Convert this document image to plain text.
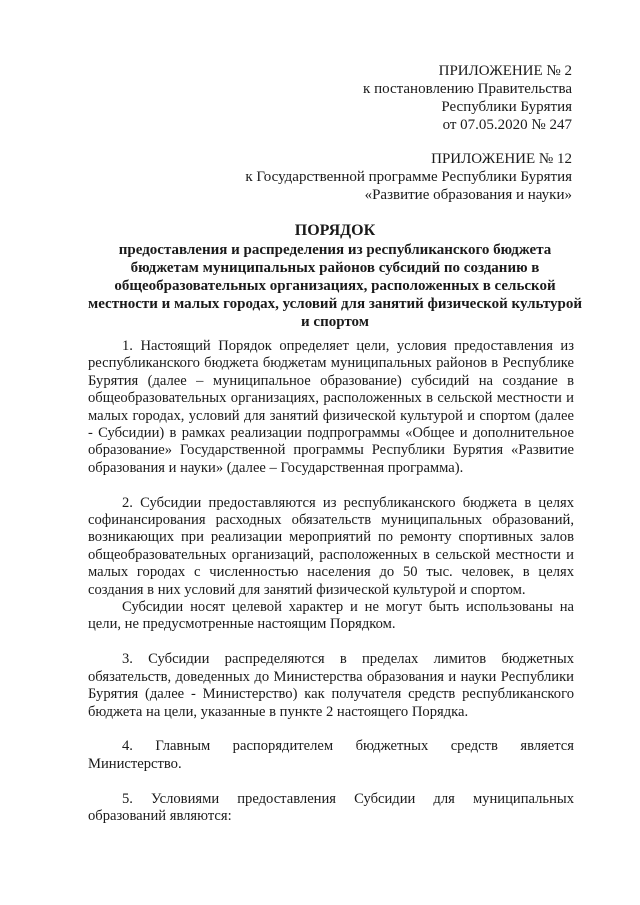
ПРИЛОЖЕНИЕ № 2
к постановлению Правительства
Республики Бурятия
от 07.05.2020 № 247
ПРИЛОЖЕНИЕ № 12
к Государственной программе Республики Бурятия
«Развитие образования и науки»
ПОРЯДОК
предоставления и распределения из республиканского бюджета бюджетам муниципальных районов субсидий по созданию в общеобразовательных организациях, расположенных в сельской местности и малых городах, условий для занятий физической культурой и спортом

1. Настоящий Порядок определяет цели, условия предоставления из республиканского бюджета бюджетам муниципальных районов в Республике Бурятия (далее – муниципальное образование) субсидий на создание в общеобразовательных организациях, расположенных в сельской местности и малых городах, условий для занятий физической культурой и спортом (далее - Субсидии) в рамках реализации подпрограммы «Общее и дополнительное образование» Государственной программы Республики Бурятия «Развитие образования и науки» (далее – Государственная программа).

2. Субсидии предоставляются из республиканского бюджета в целях софинансирования расходных обязательств муниципальных образований, возникающих при реализации мероприятий по ремонту спортивных залов общеобразовательных организаций, расположенных в сельской местности и малых городах с численностью населения до 50 тыс. человек, в целях создания в них условий для занятий физической культурой и спортом.

Субсидии носят целевой характер и не могут быть использованы на цели, не предусмотренные настоящим Порядком.

3. Субсидии распределяются в пределах лимитов бюджетных обязательств, доведенных до Министерства образования и науки Республики Бурятия (далее - Министерство) как получателя средств республиканского бюджета на цели, указанные в пункте 2 настоящего Порядка.

4. Главным распорядителем бюджетных средств является Министерство.

5. Условиями предоставления Субсидии для муниципальных образований являются:
